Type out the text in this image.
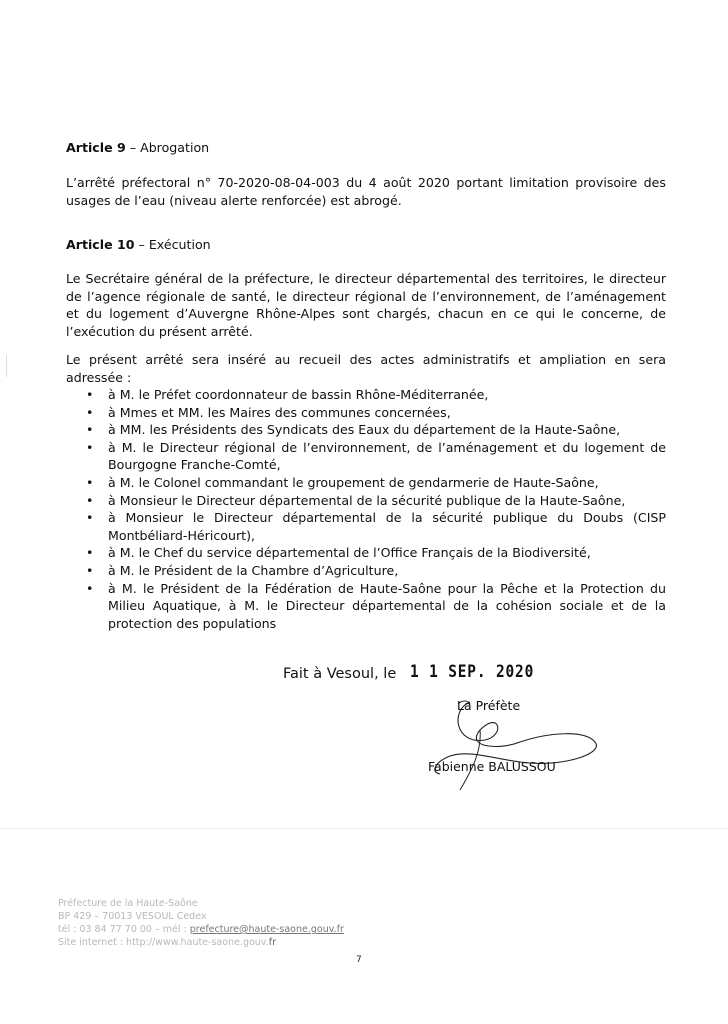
Article 9 – Abrogation
L’arrêté préfectoral n° 70-2020-08-04-003 du 4 août 2020 portant limitation provisoire des usages de l’eau (niveau alerte renforcée) est abrogé.
Article 10 – Exécution
Le Secrétaire général de la préfecture, le directeur départemental des territoires, le directeur de l’agence régionale de santé, le directeur régional de l’environnement, de l’aménagement et du logement d’Auvergne Rhône-Alpes sont chargés, chacun en ce qui le concerne, de l’exécution du présent arrêté.
Le présent arrêté sera inséré au recueil des actes administratifs et ampliation en sera adressée :
• à M. le Préfet coordonnateur de bassin Rhône-Méditerranée,
• à Mmes et MM. les Maires des communes concernées,
• à MM. les Présidents des Syndicats des Eaux du département de la Haute-Saône,
• à M. le Directeur régional de l’environnement, de l’aménagement et du logement de Bourgogne Franche-Comté,
• à M. le Colonel commandant le groupement de gendarmerie de Haute-Saône,
• à Monsieur le Directeur départemental de la sécurité publique de la Haute-Saône,
• à Monsieur le Directeur départemental de la sécurité publique du Doubs (CISP Montbéliard-Héricourt),
• à M. le Chef du service départemental de l’Office Français de la Biodiversité,
• à M. le Président de la Chambre d’Agriculture,
• à M. le Président de la Fédération de Haute-Saône pour la Pêche et la Protection du Milieu Aquatique, à M. le Directeur départemental de la cohésion sociale et de la protection des populations
Fait à Vesoul, le 1 1 SEP. 2020
La Préfète
Fabienne BALUSSOU
Préfecture de la Haute-Saône
BP 429 – 70013 VESOUL Cedex
tél : 03 84 77 70 00 – mél : prefecture@haute-saone.gouv.fr
Site internet : http://www.haute-saone.gouv.fr
7
